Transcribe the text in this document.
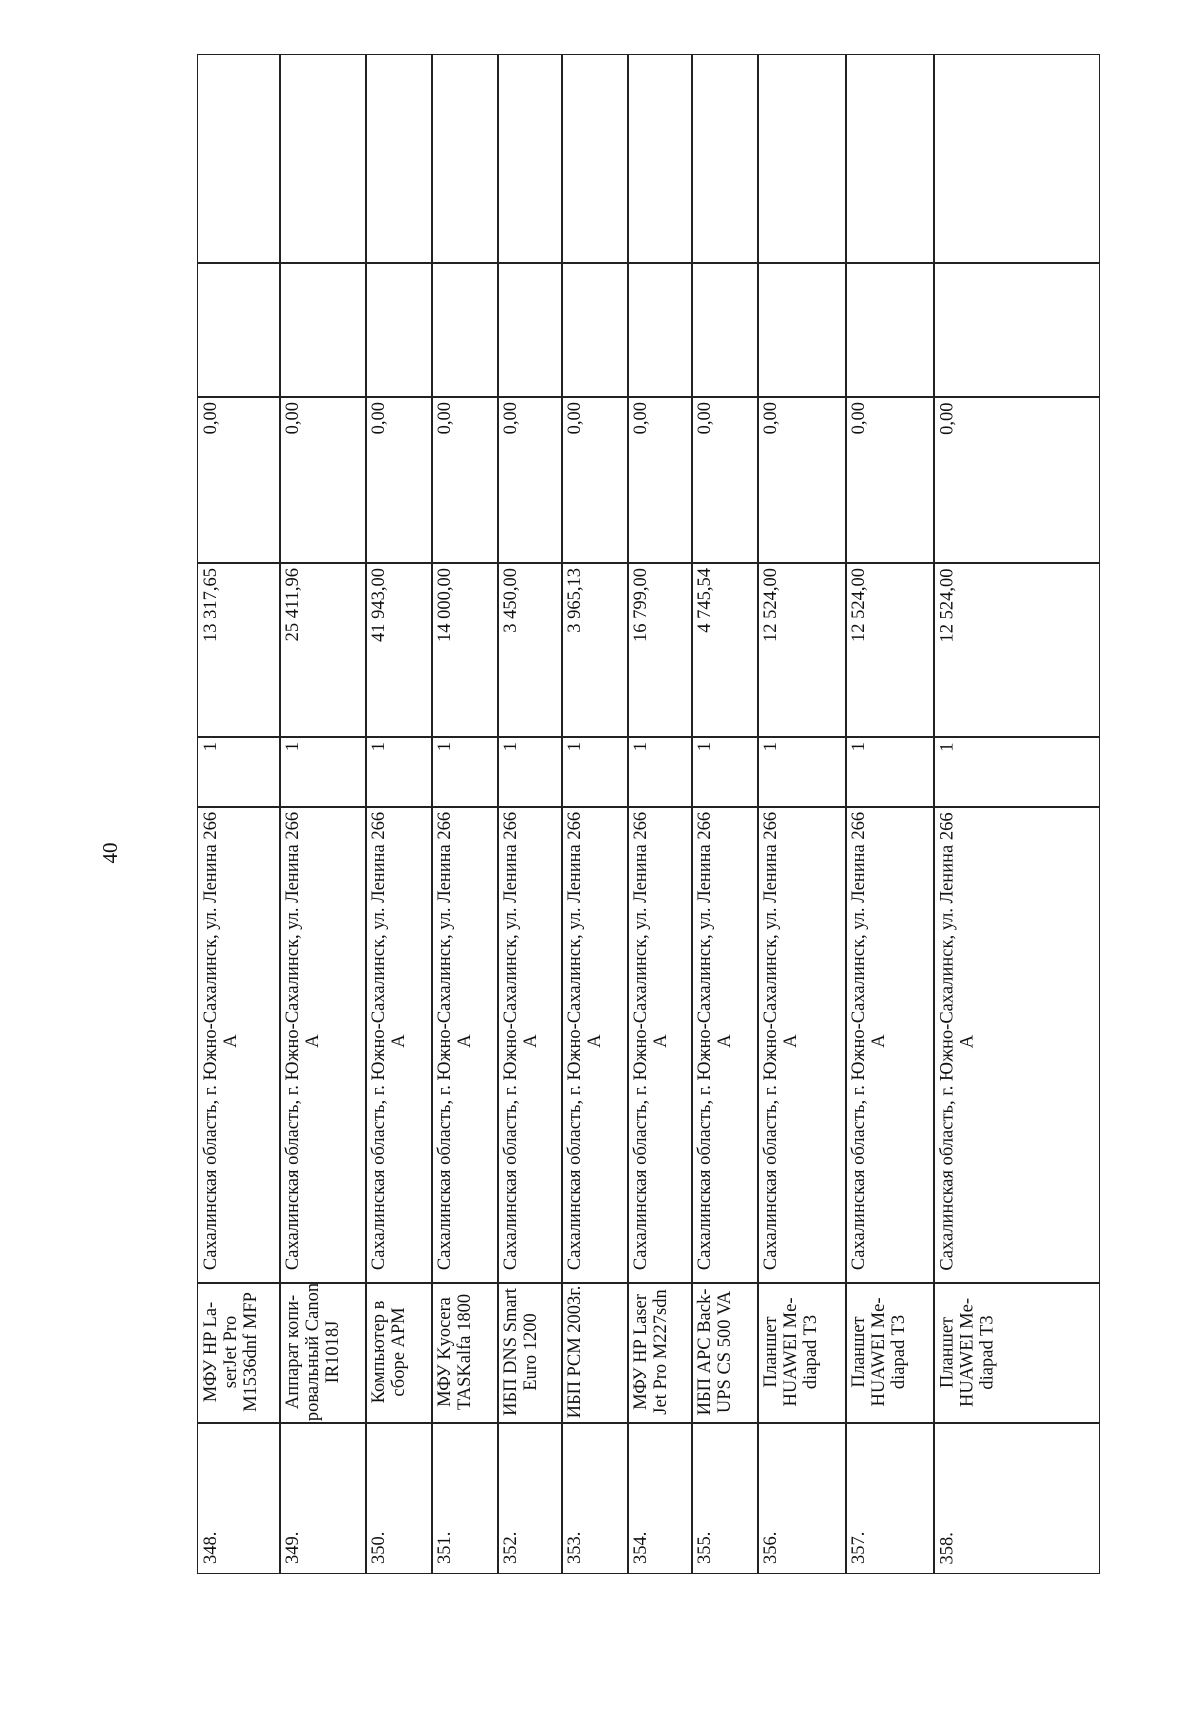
40
348.
МФУ HP La- serJet Pro M1536dnf MFP
Сахалинская область, г. Южно-Сахалинск, ул. Ленина 266 А
1
13 317,65
0,00
349.
Аппарат копи- ровальный Canon IR1018J
Сахалинская область, г. Южно-Сахалинск, ул. Ленина 266 А
1
25 411,96
0,00
350.
Компьютер в сборе АРМ
Сахалинская область, г. Южно-Сахалинск, ул. Ленина 266 А
1
41 943,00
0,00
351.
МФУ Kyocera TASKalfa 1800
Сахалинская область, г. Южно-Сахалинск, ул. Ленина 266 А
1
14 000,00
0,00
352.
ИБП DNS Smart Euro 1200
Сахалинская область, г. Южно-Сахалинск, ул. Ленина 266 А
1
3 450,00
0,00
353.
ИБП PCM 2003г.
Сахалинская область, г. Южно-Сахалинск, ул. Ленина 266 А
1
3 965,13
0,00
354.
МФУ HP Laser Jet Pro M227sdn
Сахалинская область, г. Южно-Сахалинск, ул. Ленина 266 А
1
16 799,00
0,00
355.
ИБП APC Back- UPS CS 500 VA
Сахалинская область, г. Южно-Сахалинск, ул. Ленина 266 А
1
4 745,54
0,00
356.
Планшет HUAWEI Me- diapad T3
Сахалинская область, г. Южно-Сахалинск, ул. Ленина 266 А
1
12 524,00
0,00
357.
Планшет HUAWEI Me- diapad T3
Сахалинская область, г. Южно-Сахалинск, ул. Ленина 266 А
1
12 524,00
0,00
358.
Планшет HUAWEI Me- diapad T3
Сахалинская область, г. Южно-Сахалинск, ул. Ленина 266 А
1
12 524,00
0,00
